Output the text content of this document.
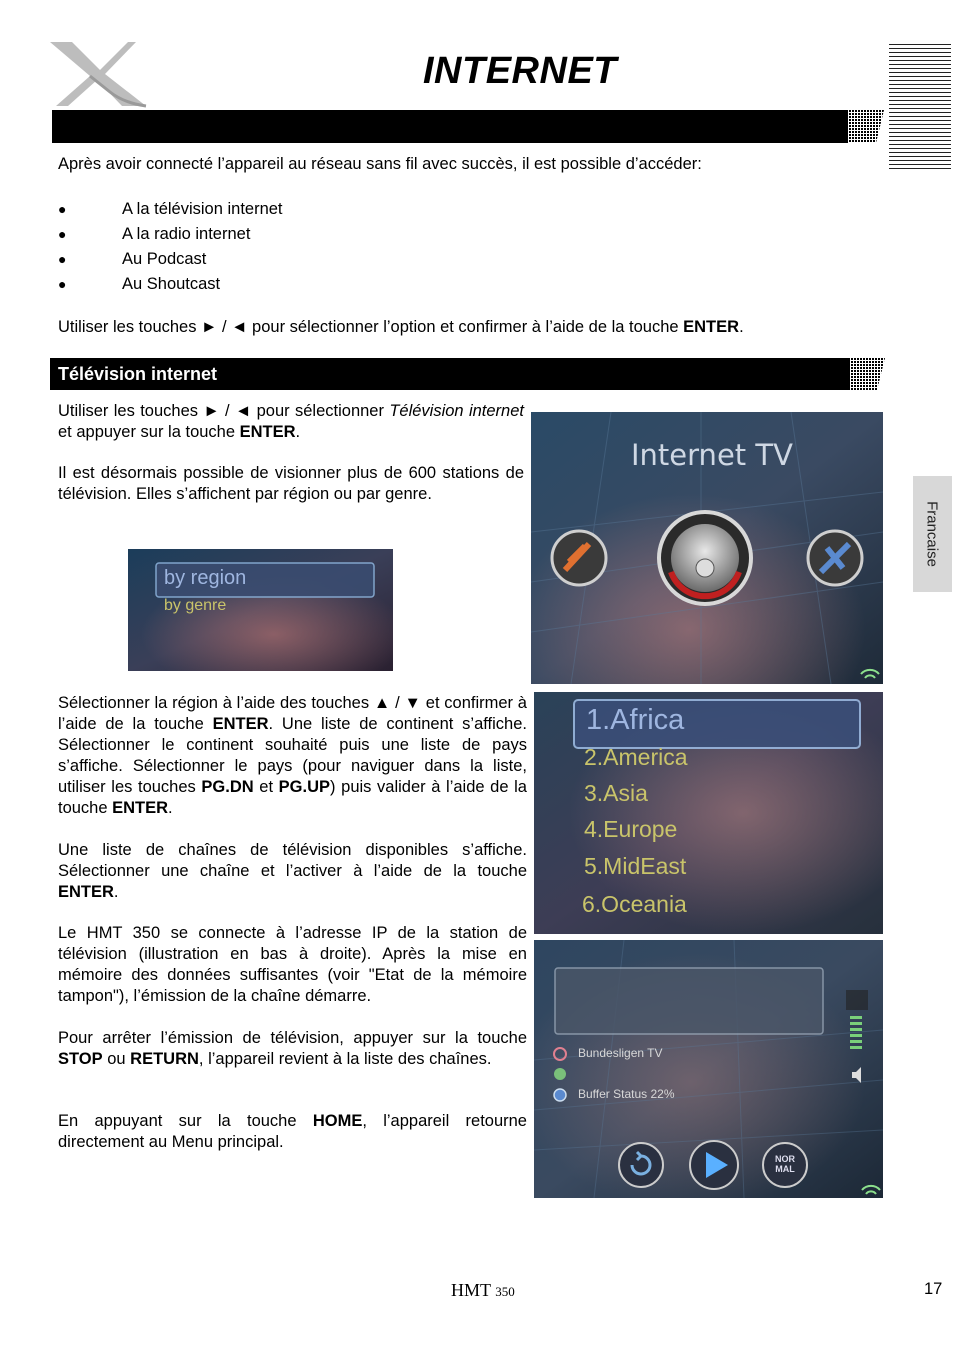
INTERNET
Après avoir connecté l’appareil au réseau sans fil avec succès, il est possible d’accéder:
●	A la télévision internet
●	A la radio internet
●	Au Podcast
●	Au Shoutcast
Utiliser les touches ► / ◄ pour sélectionner l’option et confirmer à l’aide de la touche ENTER.
Télévision internet
Utiliser les touches ► / ◄ pour sélectionner Télévision internet et appuyer sur la touche ENTER.
Il est désormais possible de visionner plus de 600 stations de télévision. Elles s’affichent par région ou par genre.
Sélectionner la région à l’aide des touches ▲ / ▼ et confirmer à l’aide de la touche ENTER. Une liste de continent s’affiche. Sélectionner le continent souhaité puis une liste de pays s’affiche. Sélectionner le pays (pour naviguer dans la liste, utiliser les touches PG.DN et PG.UP) puis valider à l’aide de la touche ENTER.
Une liste de chaînes de télévision disponibles s’affiche. Sélectionner une chaîne et l’activer à l’aide de la touche ENTER.
Le HMT 350 se connecte à l’adresse IP de la station de télévision (illustration en bas à droite). Après la mise en mémoire des données suffisantes (voir "Etat de la mémoire tampon"), l’émission de la chaîne démarre.
Pour arrêter l’émission de télévision, appuyer sur la touche STOP ou RETURN, l’appareil revient à la liste des chaînes.
En appuyant sur la touche HOME, l’appareil retourne directement au Menu principal.
by region
by genre
Internet TV
1.Africa
2.America
3.Asia
4.Europe
5.MidEast
6.Oceania
Bundesligen TV
Buffer Status 22%
NOR
MAL
Francaise
HMT 350	17
